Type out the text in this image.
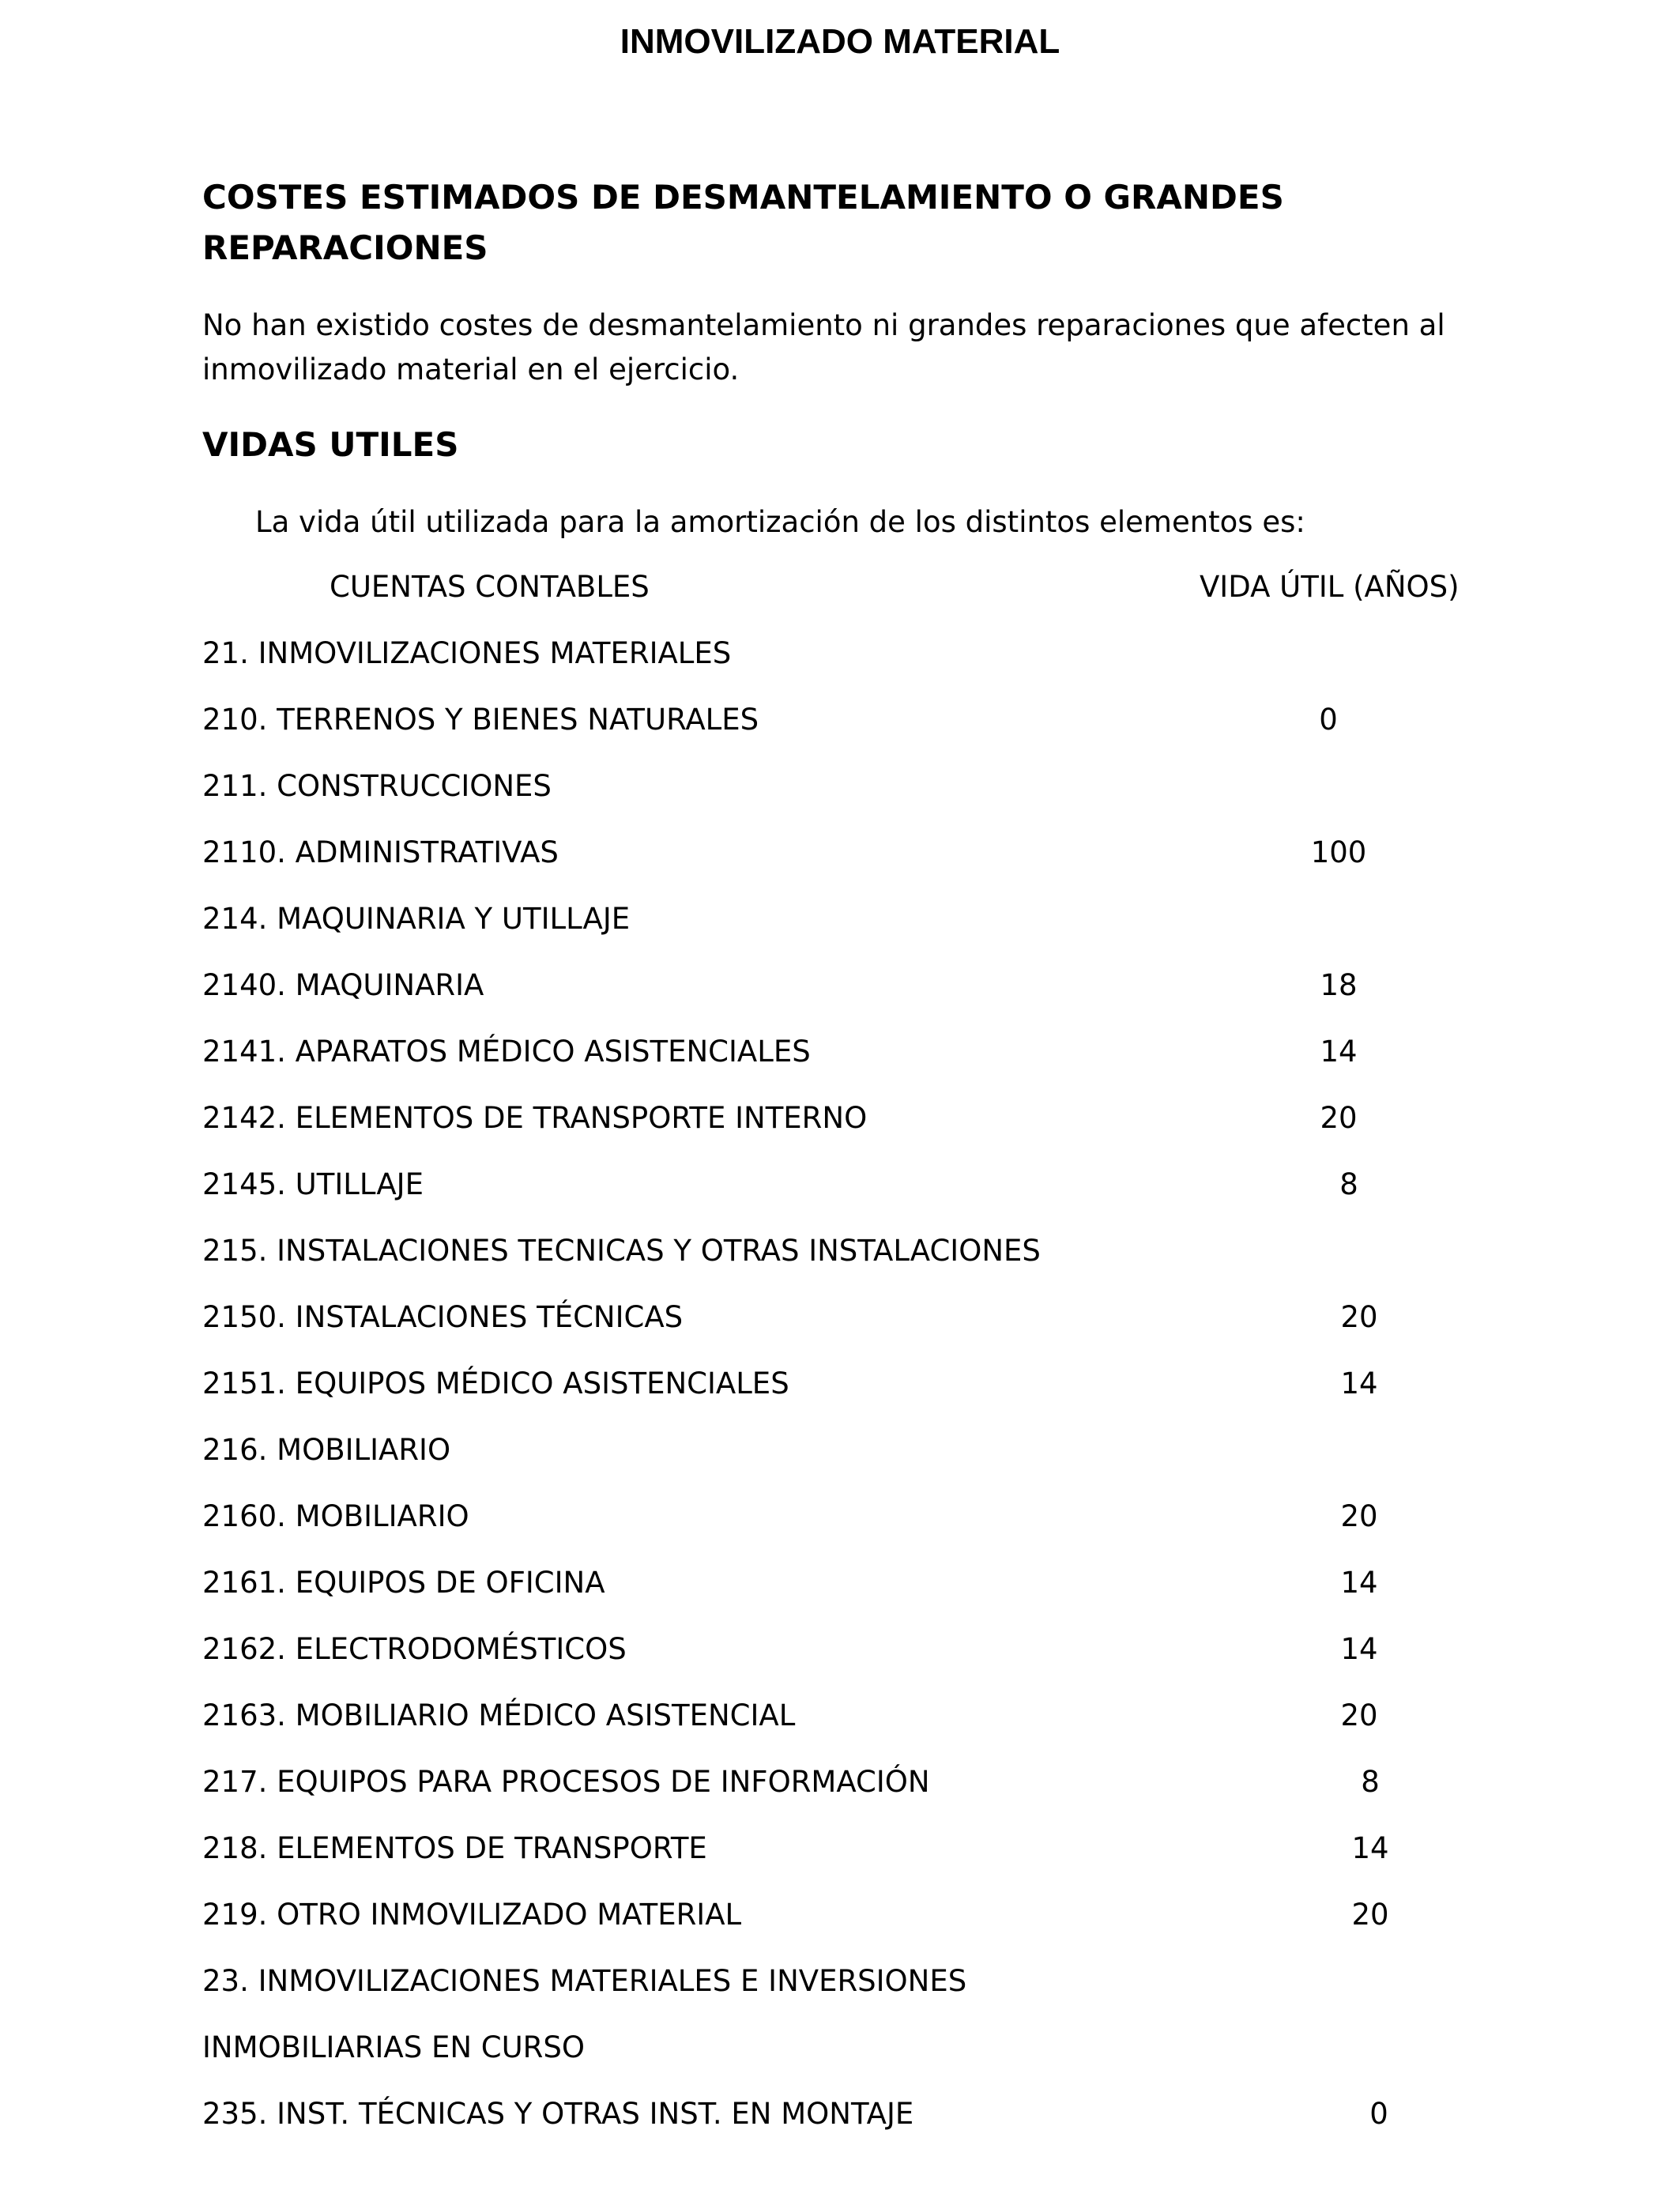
INMOVILIZADO MATERIAL
COSTES ESTIMADOS DE DESMANTELAMIENTO O GRANDES REPARACIONES

No han existido costes de desmantelamiento ni grandes reparaciones que afecten al inmovilizado material en el ejercicio.

VIDAS UTILES
La vida útil utilizada para la amortización de los distintos elementos es:
CUENTAS CONTABLES	VIDA ÚTIL (AÑOS)
21. INMOVILIZACIONES MATERIALES
210. TERRENOS Y BIENES NATURALES	0
211. CONSTRUCCIONES
2110. ADMINISTRATIVAS	100
214. MAQUINARIA Y UTILLAJE
2140. MAQUINARIA	18
2141. APARATOS MÉDICO ASISTENCIALES	14
2142. ELEMENTOS DE TRANSPORTE INTERNO	20
2145. UTILLAJE	8
215. INSTALACIONES TECNICAS Y OTRAS INSTALACIONES
2150. INSTALACIONES TÉCNICAS	20
2151. EQUIPOS MÉDICO ASISTENCIALES	14
216. MOBILIARIO
2160. MOBILIARIO	20
2161. EQUIPOS DE OFICINA	14
2162. ELECTRODOMÉSTICOS	14
2163. MOBILIARIO MÉDICO ASISTENCIAL	20
217. EQUIPOS PARA PROCESOS DE INFORMACIÓN	8
218. ELEMENTOS DE TRANSPORTE	14
219. OTRO INMOVILIZADO MATERIAL	20
23. INMOVILIZACIONES MATERIALES E INVERSIONES
INMOBILIARIAS EN CURSO
235. INST. TÉCNICAS Y OTRAS INST. EN MONTAJE	0
